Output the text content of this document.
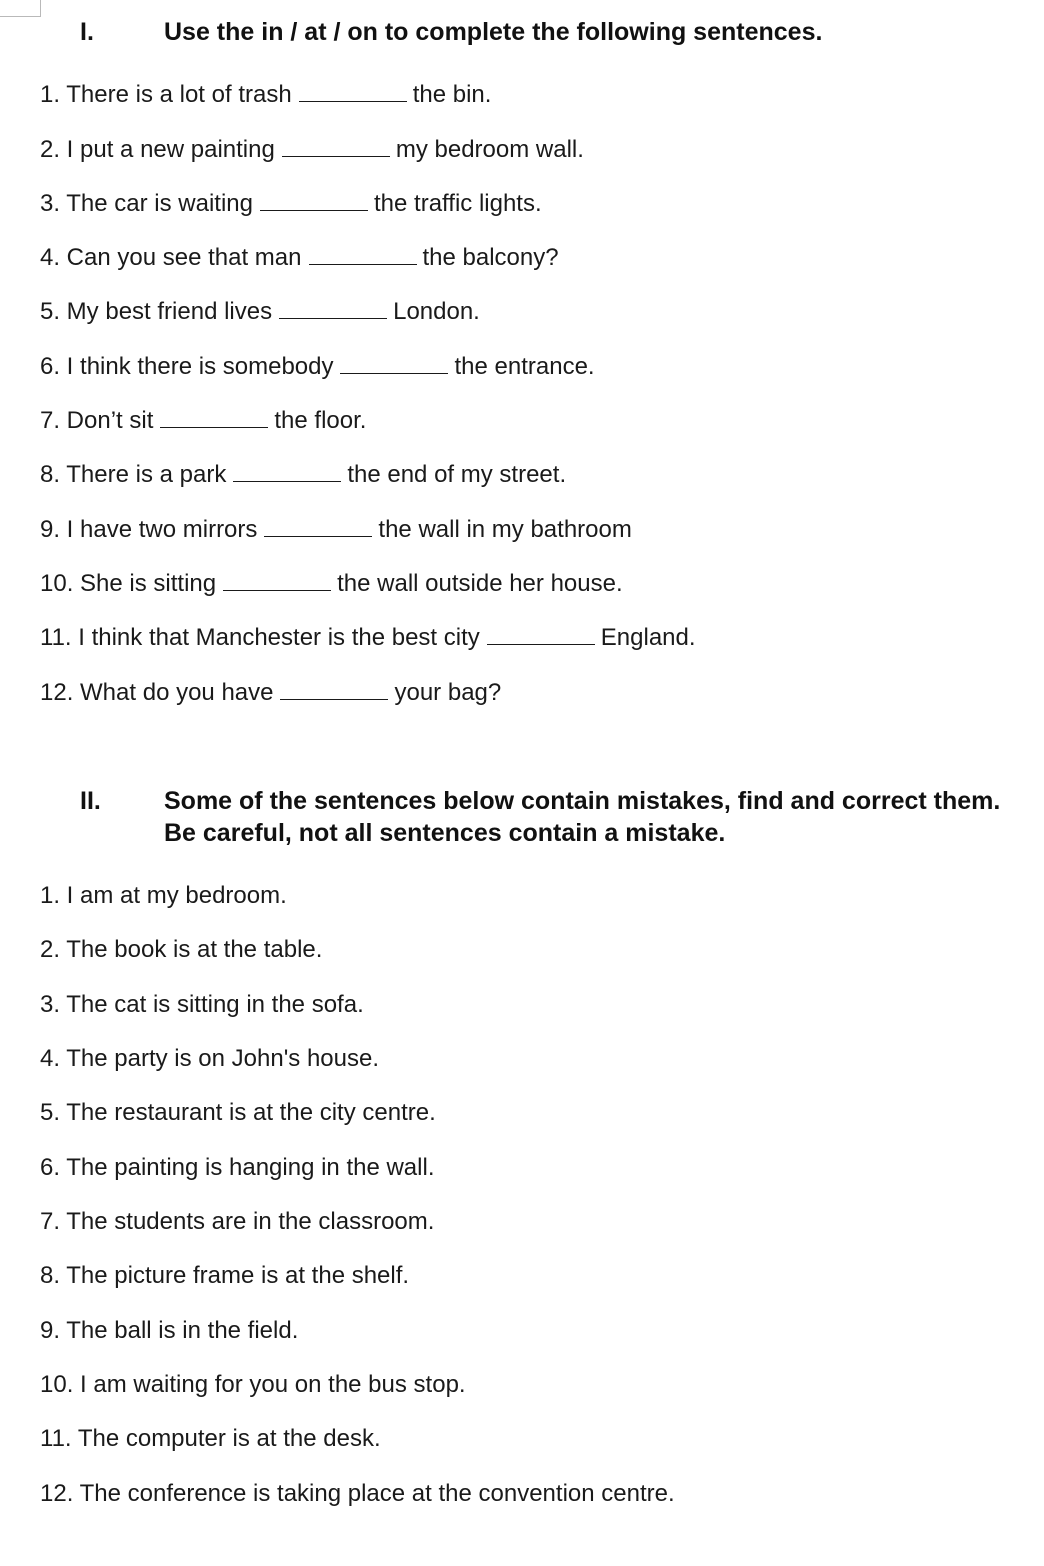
I.	Use the in / at / on to complete the following sentences.
1. There is a lot of trash	the bin.
2. I put a new painting	my bedroom wall.
3. The car is waiting	the traffic lights.
4. Can you see that man	the balcony?
5. My best friend lives	London.
6. I think there is somebody	the entrance.
7. Don’t sit	the floor.
8. There is a park	the end of my street.
9. I have two mirrors	the wall in my bathroom
10. She is sitting	the wall outside her house.
11. I think that Manchester is the best city	England.
12. What do you have	your bag?
II.	Some of the sentences below contain mistakes, find and correct them.
Be careful, not all sentences contain a mistake.
1. I am at my bedroom.
2. The book is at the table.
3. The cat is sitting in the sofa.
4. The party is on John's house.
5. The restaurant is at the city centre.
6. The painting is hanging in the wall.
7. The students are in the classroom.
8. The picture frame is at the shelf.
9. The ball is in the field.
10. I am waiting for you on the bus stop.
11. The computer is at the desk.
12. The conference is taking place at the convention centre.
